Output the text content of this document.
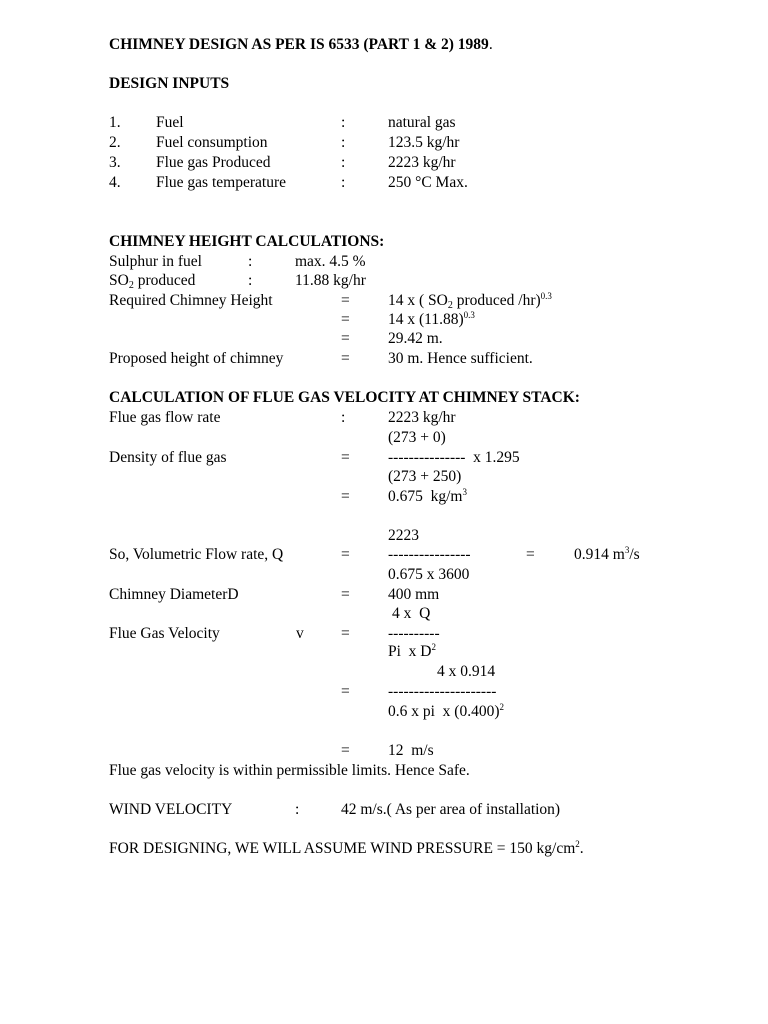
CHIMNEY DESIGN AS PER IS 6533 (PART 1 & 2) 1989.
DESIGN INPUTS
1. Fuel	:	natural gas
2. Fuel consumption	:	123.5 kg/hr
3. Flue gas Produced	:	2223 kg/hr
4. Flue gas temperature	:	250 °C Max.
CHIMNEY HEIGHT CALCULATIONS:
Sulphur in fuel	:	max. 4.5 %
$SO_2$ produced	:	11.88 kg/hr
Required Chimney Height	= 14 x ( $SO_2$ produced /hr)$^{0.3}$
= 14 x $(11.88)^{0.3}$
= 29.42 m.
Proposed height of chimney	= 30 m. Hence sufficient.
CALCULATION OF FLUE GAS VELOCITY AT CHIMNEY STACK:
Flue gas flow rate	:	2223 kg/hr
(273 + 0)
Density of flue gas	= ---------------  x 1.295
(273 + 250)
= 0.675  $kg/m^3$
2223
So, Volumetric Flow rate, Q	= ----------------	=	0.914 $m^3/s$
0.675 x 3600
Chimney DiameterD	= 400 mm
4 x  Q
Flue Gas Velocity	v = ----------
Pi  x $D^2$
4 x 0.914
= ---------------------
0.6 x pi  x $(0.400)^2$
= 12  m/s
Flue gas velocity is within permissible limits. Hence Safe.
WIND VELOCITY	:	42 m/s.( As per area of installation)
FOR DESIGNING, WE WILL ASSUME WIND PRESSURE = 150 $kg/cm^2$.
